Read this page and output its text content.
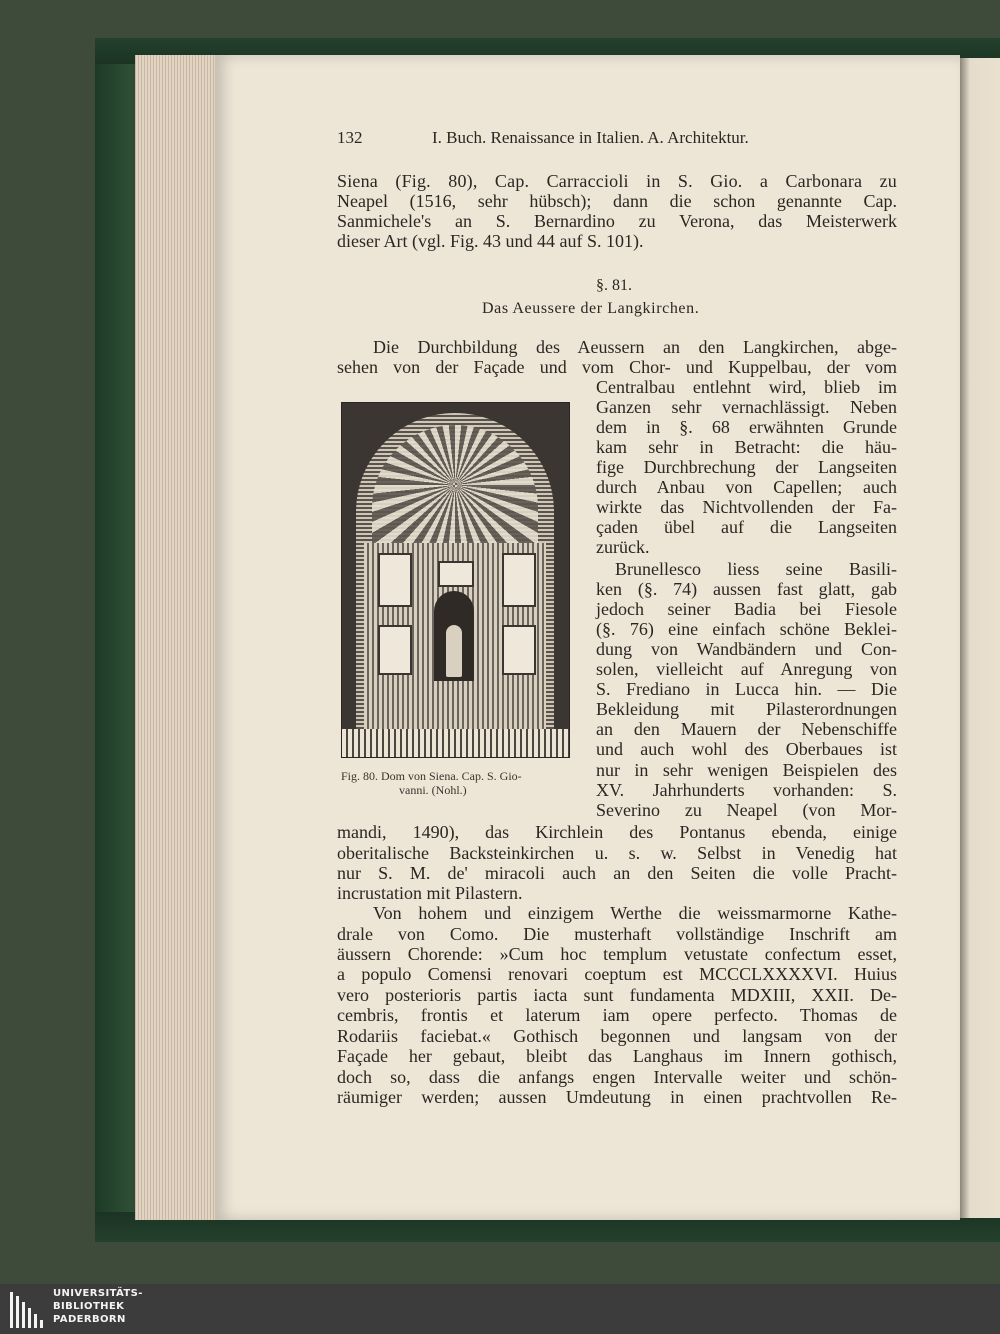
132	I. Buch. Renaissance in Italien. A. Architektur.
Siena (Fig. 80), Cap. Carraccioli in S. Gio. a Carbonara zu
Neapel (1516, sehr hübsch); dann die schon genannte Cap.
Sanmichele's an S. Bernardino zu Verona, das Meisterwerk
dieser Art (vgl. Fig. 43 und 44 auf S. 101).
§. 81.
Das Aeussere der Langkirchen.
Die Durchbildung des Aeussern an den Langkirchen, abge-
sehen von der Façade und vom Chor- und Kuppelbau, der vom
Centralbau entlehnt wird, blieb im
Ganzen sehr vernachlässigt. Neben
dem in §. 68 erwähnten Grunde
kam sehr in Betracht: die häu-
fige Durchbrechung der Langseiten
durch Anbau von Capellen; auch
wirkte das Nichtvollenden der Fa-
çaden übel auf die Langseiten
zurück.
Brunellesco liess seine Basili-
ken (§. 74) aussen fast glatt, gab
jedoch seiner Badia bei Fiesole
(§. 76) eine einfach schöne Beklei-
dung von Wandbändern und Con-
solen, vielleicht auf Anregung von
S. Frediano in Lucca hin. — Die
Bekleidung mit Pilasterordnungen
an den Mauern der Nebenschiffe
und auch wohl des Oberbaues ist
nur in sehr wenigen Beispielen des
XV. Jahrhunderts vorhanden: S.
Severino zu Neapel (von Mor-
mandi, 1490), das Kirchlein des Pontanus ebenda, einige
oberitalische Backsteinkirchen u. s. w. Selbst in Venedig hat
nur S. M. de' miracoli auch an den Seiten die volle Pracht-
incrustation mit Pilastern.
Von hohem und einzigem Werthe die weissmarmorne Kathe-
drale von Como. Die musterhaft vollständige Inschrift am
äussern Chorende: »Cum hoc templum vetustate confectum esset,
a populo Comensi renovari coeptum est MCCCLXXXXVI. Huius
vero posterioris partis iacta sunt fundamenta MDXIII, XXII. De-
cembris, frontis et laterum iam opere perfecto. Thomas de
Rodariis faciebat.« Gothisch begonnen und langsam von der
Façade her gebaut, bleibt das Langhaus im Innern gothisch,
doch so, dass die anfangs engen Intervalle weiter und schön-
räumiger werden; aussen Umdeutung in einen prachtvollen Re-
Fig. 80. Dom von Siena. Cap. S. Gio-
vanni. (Nohl.)
UNIVERSITÄTS-
BIBLIOTHEK
PADERBORN
